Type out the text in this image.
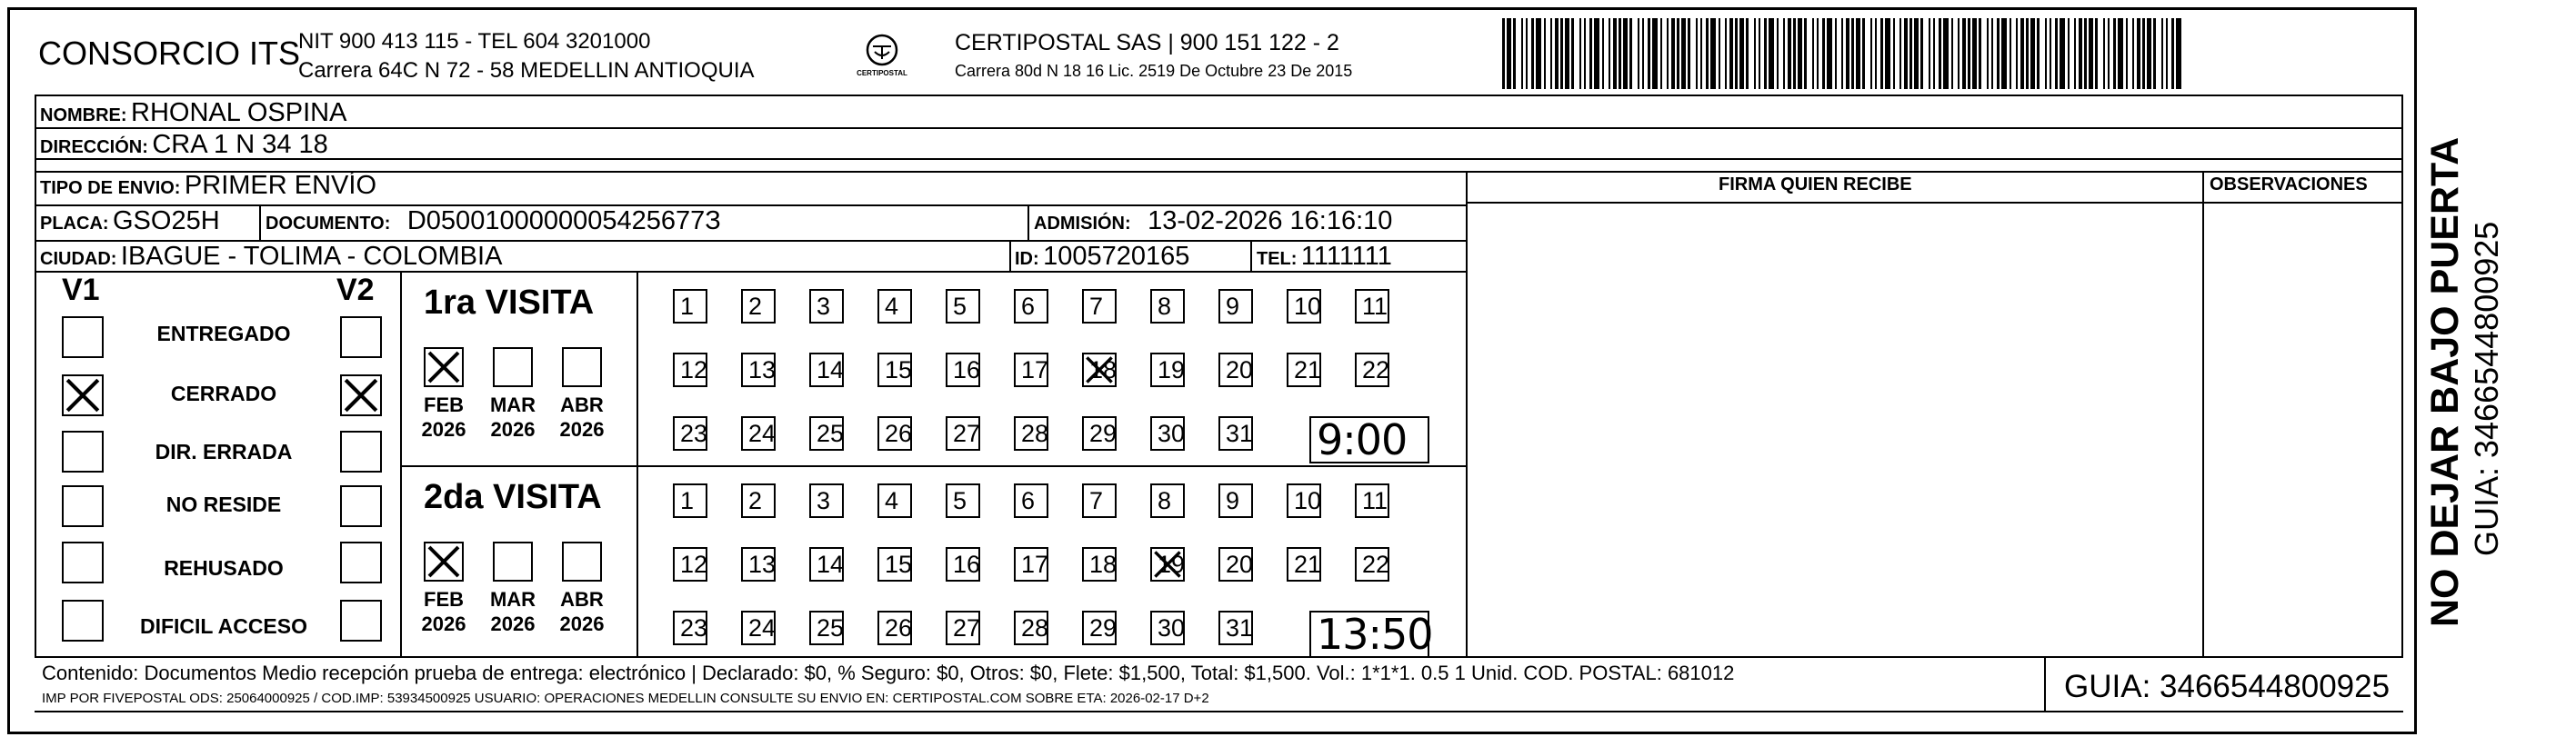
CONSORCIO ITS
NIT 900 413 115 - TEL 604 3201000
Carrera 64C N 72 - 58 MEDELLIN ANTIOQUIA	CERTIPOSTAL
CERTIPOSTAL SAS | 900 151 122 - 2
Carrera 80d N 18 16 Lic. 2519 De Octubre 23 De 2015
NOMBRE: RHONAL OSPINA
DIRECCIÓN: CRA 1 N 34 18
TIPO DE ENVIO: PRIMER ENVÍO	FIRMA QUIEN RECIBE	OBSERVACIONES
PLACA: GSO25H	DOCUMENTO: D0500100000005425677З	ADMISIÓN: 13-02-2026 16:16:10
CIUDAD: IBAGUE - TOLIMA - COLOMBIA	ID: 1005720165	TEL: 1111111
V1	V2
ENTREGADO
CERRADO
DIR. ERRADA
NO RESIDE
REHUSADO
DIFICIL ACCESO
1ra VISITA
FEB
2026
MAR
2026
ABR
2026
1	2	3	4	5	6	7	8	9	10 11
12 13 14 15 16 17 18 19 20 21 22
23 24 25 26 27 28 29 30 31 9:00
2da VISITA
FEB
2026
MAR
2026
ABR
2026
1	2	3	4	5	6	7	8	9	10 11
12 13 14 15 16 17 18 19 20 21 22
23 24 25 26 27 28 29 30 31 13:50
Contenido: Documentos Medio recepción prueba de entrega: electrónico | Declarado: $0, % Seguro: $0, Otros: $0, Flete: $1,500, Total: $1,500. Vol.: 1*1*1. 0.5 1 Unid. COD. POSTAL: 681012
IMP POR FIVEPOSTAL ODS: 25064000925 / COD.IMP: 53934500925 USUARIO: OPERACIONES MEDELLIN CONSULTE SU ENVIO EN: CERTIPOSTAL.COM SOBRE ETA: 2026-02-17 D+2	GUIA: 3466544800925
NO DEJAR BAJO PUERTA GUIA: 3466544800925
